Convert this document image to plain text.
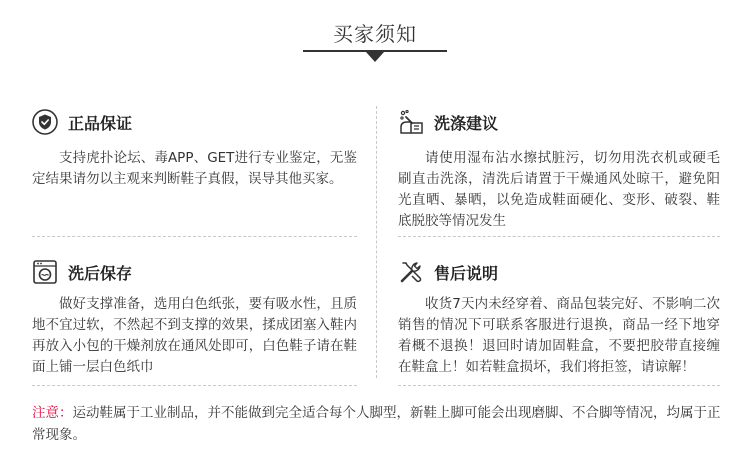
买家须知
正品保证
支持虎扑论坛、毒APP、GET进行专业鉴定，无鉴定结果请勿以主观来判断鞋子真假，误导其他买家。
洗涤建议
请使用湿布沾水擦拭脏污，切勿用洗衣机或硬毛刷直击洗涤，清洗后请置于干燥通风处晾干，避免阳光直晒、暴晒，以免造成鞋面硬化、变形、破裂、鞋底脱胶等情况发生
洗后保存
做好支撑准备，选用白色纸张，要有吸水性，且质地不宜过软，不然起不到支撑的效果，揉成团塞入鞋内再放入小包的干燥剂放在通风处即可，白色鞋子请在鞋面上铺一层白色纸巾
售后说明
收货7天内未经穿着、商品包装完好、不影响二次销售的情况下可联系客服进行退换，商品一经下地穿着概不退换！退回时请加固鞋盒，不要把胶带直接缠在鞋盒上！如若鞋盒损坏，我们将拒签，请谅解！
注意：运动鞋属于工业制品，并不能做到完全适合每个人脚型，新鞋上脚可能会出现磨脚、不合脚等情况，均属于正常现象。
